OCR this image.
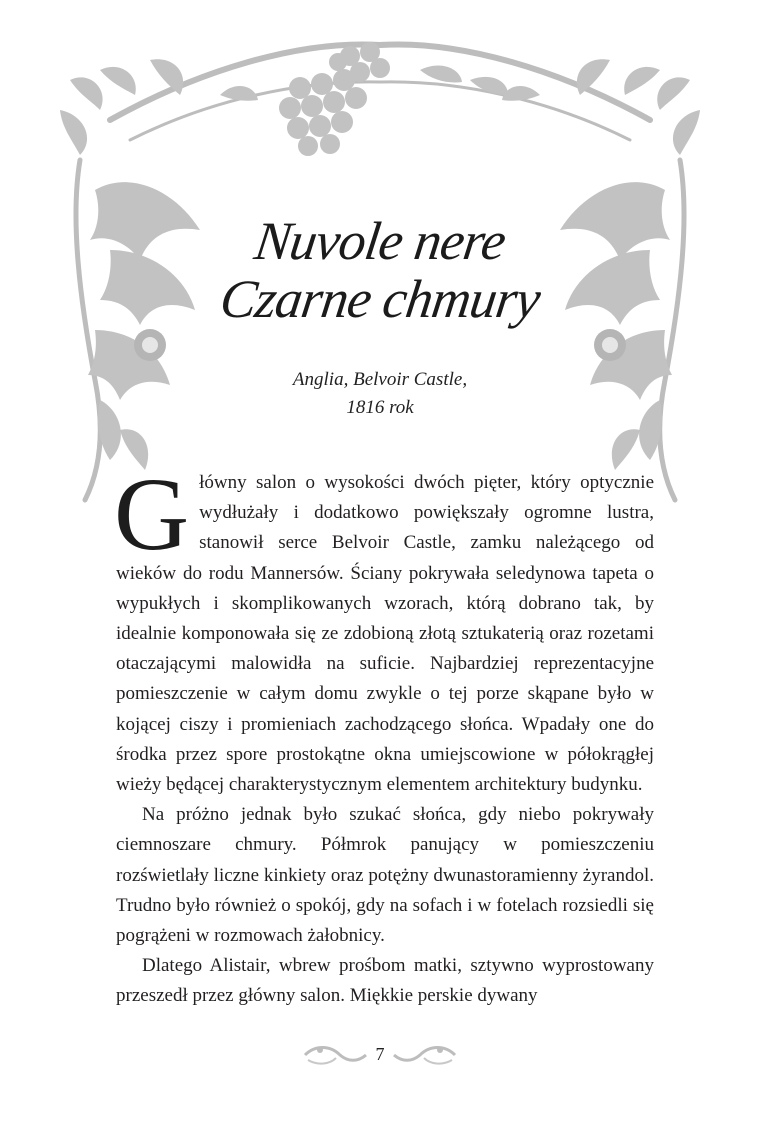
Nuvole nere
Czarne chmury
Anglia, Belvoir Castle,
1816 rok

Główny salon o wysokości dwóch pięter, który optycznie wydłużały i dodatkowo powiększały ogromne lustra, stanowił serce Belvoir Castle, zamku należącego od wieków do rodu Mannersów. Ściany pokrywała seledynowa tapeta o wypukłych i skomplikowanych wzorach, którą dobrano tak, by idealnie komponowała się ze zdobioną złotą sztukaterią oraz rozetami otaczającymi malowidła na suficie. Najbardziej reprezentacyjne pomieszczenie w całym domu zwykle o tej porze skąpane było w kojącej ciszy i promieniach zachodzącego słońca. Wpadały one do środka przez spore prostokątne okna umiejscowione w półokrągłej wieży będącej charakterystycznym elementem architektury budynku.

Na próżno jednak było szukać słońca, gdy niebo pokrywały ciemnoszare chmury. Półmrok panujący w pomieszczeniu rozświetlały liczne kinkiety oraz potężny dwunastoramienny żyrandol. Trudno było również o spokój, gdy na sofach i w fotelach rozsiedli się pogrążeni w rozmowach żałobnicy.

Dlatego Alistair, wbrew prośbom matki, sztywno wyprostowany przeszedł przez główny salon. Miękkie perskie dywany

7
